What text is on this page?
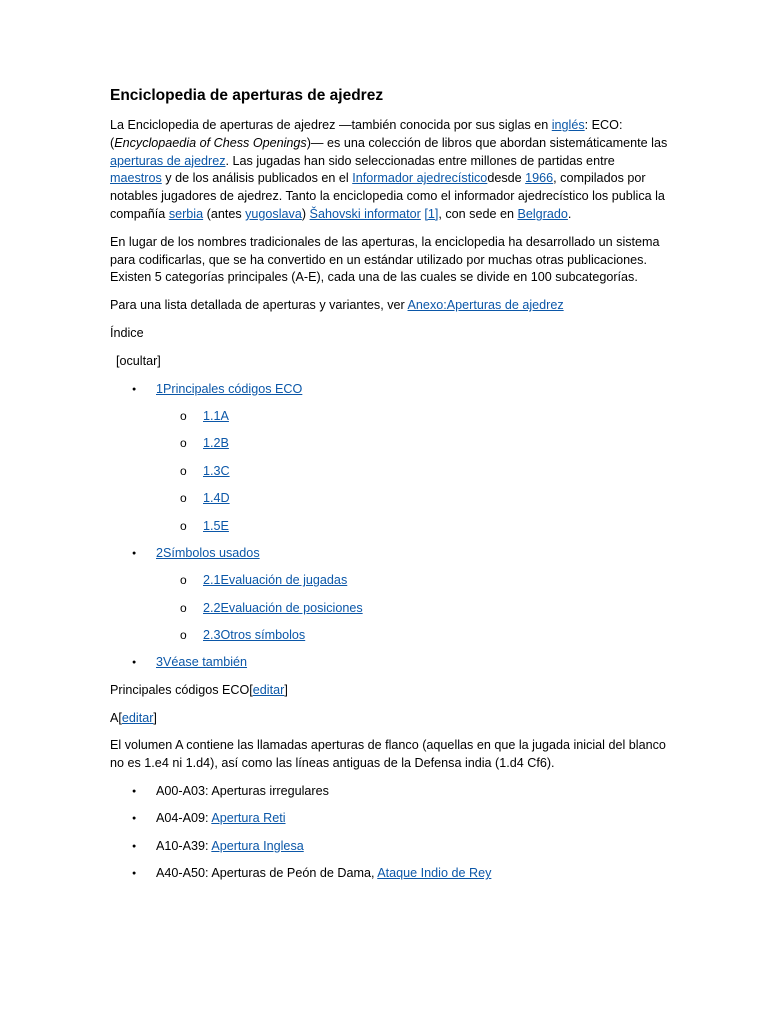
Enciclopedia de aperturas de ajedrez

La Enciclopedia de aperturas de ajedrez —también conocida por sus siglas en inglés: ECO: (Encyclopaedia of Chess Openings)— es una colección de libros que abordan sistemáticamente las aperturas de ajedrez. Las jugadas han sido seleccionadas entre millones de partidas entre maestros y de los análisis publicados en el Informador ajedrecísticodesde 1966, compilados por notables jugadores de ajedrez. Tanto la enciclopedia como el informador ajedrecístico los publica la compañía serbia (antes yugoslava) Šahovski informator [1], con sede en Belgrado.

En lugar de los nombres tradicionales de las aperturas, la enciclopedia ha desarrollado un sistema para codificarlas, que se ha convertido en un estándar utilizado por muchas otras publicaciones. Existen 5 categorías principales (A-E), cada una de las cuales se divide en 100 subcategorías.

Para una lista detallada de aperturas y variantes, ver Anexo:Aperturas de ajedrez

Índice

[ocultar]

● 1Principales códigos ECO
o 1.1A
o 1.2B
o 1.3C
o 1.4D
o 1.5E
● 2Símbolos usados
o 2.1Evaluación de jugadas
o 2.2Evaluación de posiciones
o 2.3Otros símbolos
● 3Véase también

Principales códigos ECO[editar]

A[editar]

El volumen A contiene las llamadas aperturas de flanco (aquellas en que la jugada inicial del blanco no es 1.e4 ni 1.d4), así como las líneas antiguas de la Defensa india (1.d4 Cf6).

● A00-A03: Aperturas irregulares
● A04-A09: Apertura Reti
● A10-A39: Apertura Inglesa
● A40-A50: Aperturas de Peón de Dama, Ataque Indio de Rey
